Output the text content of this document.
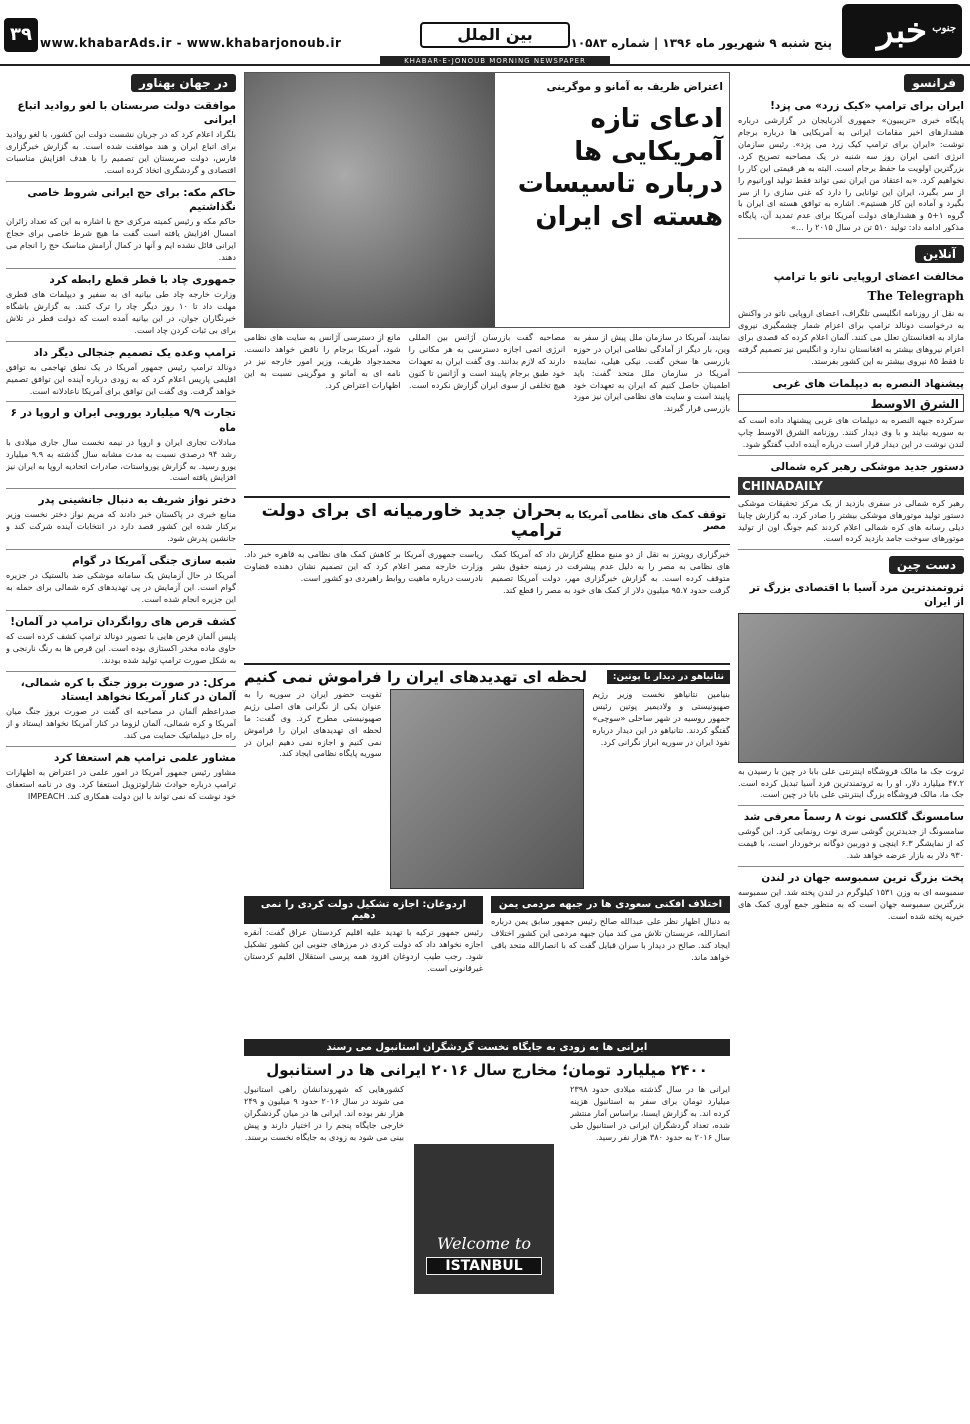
جنوب
خبر
پنج شنبه ۹ شهریور ماه ۱۳۹۶ | شماره ۱۰۵۸۳
بین الملل
www.khabarAds.ir - www.khabarjonoub.ir
۳۹
KHABAR-E-JONOUB MORNING NEWSPAPER
فرانسو
ایران برای ترامپ «کیک زرد» می پزد!
پایگاه خبری «تریبیون» جمهوری آذربایجان در گزارشی درباره هشدارهای اخیر مقامات ایرانی به آمریکایی ها درباره برجام نوشت: «ایران برای ترامپ کیک زرد می پزد». رئیس سازمان انرژی اتمی ایران روز سه شنبه در یک مصاحبه تصریح کرد، بزرگترین اولویت ما حفظ برجام است. البته به هر قیمتی این کار را نخواهیم کرد. «به اعتقاد من ایران نمی تواند فقط تولید اورانیوم را از سر بگیرد، ایران این توانایی را دارد که غنی سازی را از سر بگیرد و آماده این کار هستیم». اشاره به توافق هسته ای ایران با گروه ۱+۵ و هشدارهای دولت آمریکا برای عدم تمدید آن، پایگاه مذکور ادامه داد: تولید ۵۱۰ تن در سال ۲۰۱۵ را ...»
آنلاین
مخالفت اعضای اروپایی ناتو با ترامپ
The Telegraph
به نقل از روزنامه انگلیسی تلگراف، اعضای اروپایی ناتو در واکنش به درخواست دونالد ترامپ برای اعزام شمار چشمگیری نیروی مازاد به افغانستان تعلل می کنند. آلمان اعلام کرده که قصدی برای اعزام نیروهای بیشتر به افغانستان ندارد و انگلیس نیز تصمیم گرفته تا فقط ۸۵ نیروی بیشتر به این کشور بفرستد.
پیشنهاد النصره به دیپلمات های غربی
الشرق الاوسط
سرکرده جبهه النصره به دیپلمات های غربی پیشنهاد داده است که به سوریه بیایند و با وی دیدار کنند. روزنامه الشرق الاوسط چاپ لندن نوشت در این دیدار قرار است درباره آینده ادلب گفتگو شود.
دستور جدید موشکی رهبر کره شمالی
CHINADAILY
رهبر کره شمالی در سفری بازدید از یک مرکز تحقیقات موشکی دستور تولید موتورهای موشکی بیشتر را صادر کرد. به گزارش چاینا دیلی رسانه های کره شمالی اعلام کردند کیم جونگ اون از تولید موتورهای سوخت جامد بازدید کرده است.
دست چین
ثروتمندترین مرد آسیا با اقتصادی بزرگ تر از ایران
ثروت جک ما مالک فروشگاه اینترنتی علی بابا در چین با رسیدن به ۴۷.۲ میلیارد دلار، او را به ثروتمندترین فرد آسیا تبدیل کرده است. جک ما، مالک فروشگاه بزرگ اینترنتی علی بابا در چین است.
سامسونگ گلکسی نوت ۸ رسماً معرفی شد
سامسونگ از جدیدترین گوشی سری نوت رونمایی کرد. این گوشی که از نمایشگر ۶.۳ اینچی و دوربین دوگانه برخوردار است، با قیمت ۹۳۰ دلار به بازار عرضه خواهد شد.
پخت بزرگ ترین سمبوسه جهان در لندن
سمبوسه ای به وزن ۱۵۳۱ کیلوگرم در لندن پخته شد. این سمبوسه بزرگترین سمبوسه جهان است که به منظور جمع آوری کمک های خیریه پخته شده است.
اعتراض ظریف به آمانو و موگرینی
ادعای تازه آمریکایی ها درباره تاسیسات هسته ای ایران
نمایند، آمریکا در سازمان ملل پیش از سفر به وین، بار دیگر از آمادگی نظامی ایران در حوزه بازرسی ها سخن گفت. نیکی هیلی، نماینده آمریکا در سازمان ملل متحد گفت: باید اطمینان حاصل کنیم که ایران به تعهدات خود پایبند است و سایت های نظامی ایران نیز مورد بازرسی قرار گیرند.
مصاحبه گفت بازرسان آژانس بین المللی انرژی اتمی اجازه دسترسی به هر مکانی را دارند که لازم بدانند. وی گفت ایران به تعهدات خود طبق برجام پایبند است و آژانس تا کنون هیچ تخلفی از سوی ایران گزارش نکرده است.
مانع از دسترسی آژانس به سایت های نظامی شود، آمریکا برجام را ناقض خواهد دانست. محمدجواد ظریف، وزیر امور خارجه نیز در نامه ای به آمانو و موگرینی نسبت به این اظهارات اعتراض کرد.
توقف کمک های نظامی آمریکا به مصر
بحران جدید خاورمیانه ای برای دولت ترامپ
خبرگزاری رویترز به نقل از دو منبع مطلع گزارش داد که آمریکا کمک های نظامی به مصر را به دلیل عدم پیشرفت در زمینه حقوق بشر متوقف کرده است. به گزارش خبرگزاری مهر، دولت آمریکا تصمیم گرفت حدود ۹۵.۷ میلیون دلار از کمک های خود به مصر را قطع کند.
ریاست جمهوری آمریکا بر کاهش کمک های نظامی به قاهره خبر داد. وزارت خارجه مصر اعلام کرد که این تصمیم نشان دهنده قضاوت نادرست درباره ماهیت روابط راهبردی دو کشور است.
نتانیاهو در دیدار با پوتین:
لحظه ای تهدیدهای ایران را فراموش نمی کنیم
بنیامین نتانیاهو نخست وزیر رژیم صهیونیستی و ولادیمیر پوتین رئیس جمهور روسیه در شهر ساحلی «سوچی» گفتگو کردند. نتانیاهو در این دیدار درباره نفوذ ایران در سوریه ابراز نگرانی کرد.
تقویت حضور ایران در سوریه را به عنوان یکی از نگرانی های اصلی رژیم صهیونیستی مطرح کرد. وی گفت: ما لحظه ای تهدیدهای ایران را فراموش نمی کنیم و اجازه نمی دهیم ایران در سوریه پایگاه نظامی ایجاد کند.
اختلاف افکنی سعودی ها در جبهه مردمی یمن
به دنبال اظهار نظر علی عبدالله صالح رئیس جمهور سابق یمن درباره انصارالله، عربستان تلاش می کند میان جبهه مردمی این کشور اختلاف ایجاد کند. صالح در دیدار با سران قبایل گفت که با انصارالله متحد باقی خواهد ماند.
اردوغان: اجازه تشکیل دولت کردی را نمی دهیم
رئیس جمهور ترکیه با تهدید علیه اقلیم کردستان عراق گفت: آنقره اجازه نخواهد داد که دولت کردی در مرزهای جنوبی این کشور تشکیل شود. رجب طیب اردوغان افزود همه پرسی استقلال اقلیم کردستان غیرقانونی است.
ایرانی ها به زودی به جایگاه نخست گردشگران استانبول می رسند
۲۴۰۰ میلیارد تومان؛ مخارج سال ۲۰۱۶ ایرانی ها در استانبول
ایرانی ها در سال گذشته میلادی حدود ۲۳۹۸ میلیارد تومان برای سفر به استانبول هزینه کرده اند. به گزارش ایسنا، براساس آمار منتشر شده، تعداد گردشگران ایرانی در استانبول طی سال ۲۰۱۶ به حدود ۳۸۰ هزار نفر رسید.
Welcome to
ISTANBUL
کشورهایی که شهروندانشان راهی استانبول می شوند در سال ۲۰۱۶ حدود ۹ میلیون و ۲۴۹ هزار نفر بوده اند. ایرانی ها در میان گردشگران خارجی جایگاه پنجم را در اختیار دارند و پیش بینی می شود به زودی به جایگاه نخست برسند.
در جهان بهناور
موافقت دولت صربستان با لغو روادید اتباع ایرانی
بلگراد اعلام کرد که در جریان نشست دولت این کشور، با لغو روادید برای اتباع ایران و هند موافقت شده است. به گزارش خبرگزاری فارس، دولت صربستان این تصمیم را با هدف افزایش مناسبات اقتصادی و گردشگری اتخاذ کرده است.
حاکم مکه: برای حج ایرانی شروط خاصی نگذاشتیم
حاکم مکه و رئیس کمیته مرکزی حج با اشاره به این که تعداد زائران امسال افزایش یافته است گفت ما هیچ شرط خاصی برای حجاج ایرانی قائل نشده ایم و آنها در کمال آرامش مناسک حج را انجام می دهند.
جمهوری چاد با قطر قطع رابطه کرد
وزارت خارجه چاد طی بیانیه ای به سفیر و دیپلمات های قطری مهلت داد تا ۱۰ روز دیگر چاد را ترک کنند. به گزارش باشگاه خبرنگاران جوان، در این بیانیه آمده است که دولت قطر در تلاش برای بی ثبات کردن چاد است.
ترامپ وعده یک تصمیم جنجالی دیگر داد
دونالد ترامپ رئیس جمهور آمریکا در یک نطق تهاجمی به توافق اقلیمی پاریس اعلام کرد که به زودی درباره آینده این توافق تصمیم خواهد گرفت. وی گفت این توافق برای آمریکا ناعادلانه است.
تجارت ۹/۹ میلیارد یورویی ایران و اروپا در ۶ ماه
مبادلات تجاری ایران و اروپا در نیمه نخست سال جاری میلادی با رشد ۹۴ درصدی نسبت به مدت مشابه سال گذشته به ۹.۹ میلیارد یورو رسید. به گزارش یورواستات، صادرات اتحادیه اروپا به ایران نیز افزایش یافته است.
دختر نواز شریف به دنبال جانشینی پدر
منابع خبری در پاکستان خبر دادند که مریم نواز دختر نخست وزیر برکنار شده این کشور قصد دارد در انتخابات آینده شرکت کند و جانشین پدرش شود.
شبه سازی جنگی آمریکا در گوام
آمریکا در حال آزمایش یک سامانه موشکی ضد بالستیک در جزیره گوام است. این آزمایش در پی تهدیدهای کره شمالی برای حمله به این جزیره انجام شده است.
کشف قرص های روانگردان ترامپ در آلمان!
پلیس آلمان قرص هایی با تصویر دونالد ترامپ کشف کرده است که حاوی ماده مخدر اکستازی بوده است. این قرص ها به رنگ نارنجی و به شکل صورت ترامپ تولید شده بودند.
مرکل: در صورت بروز جنگ با کره شمالی، آلمان در کنار آمریکا نخواهد ایستاد
صدراعظم آلمان در مصاحبه ای گفت در صورت بروز جنگ میان آمریکا و کره شمالی، آلمان لزوما در کنار آمریکا نخواهد ایستاد و از راه حل دیپلماتیک حمایت می کند.
مشاور علمی ترامپ هم استعفا کرد
مشاور رئیس جمهور آمریکا در امور علمی در اعتراض به اظهارات ترامپ درباره حوادث شارلوتزویل استعفا کرد. وی در نامه استعفای خود نوشت که نمی تواند با این دولت همکاری کند. IMPEACH
